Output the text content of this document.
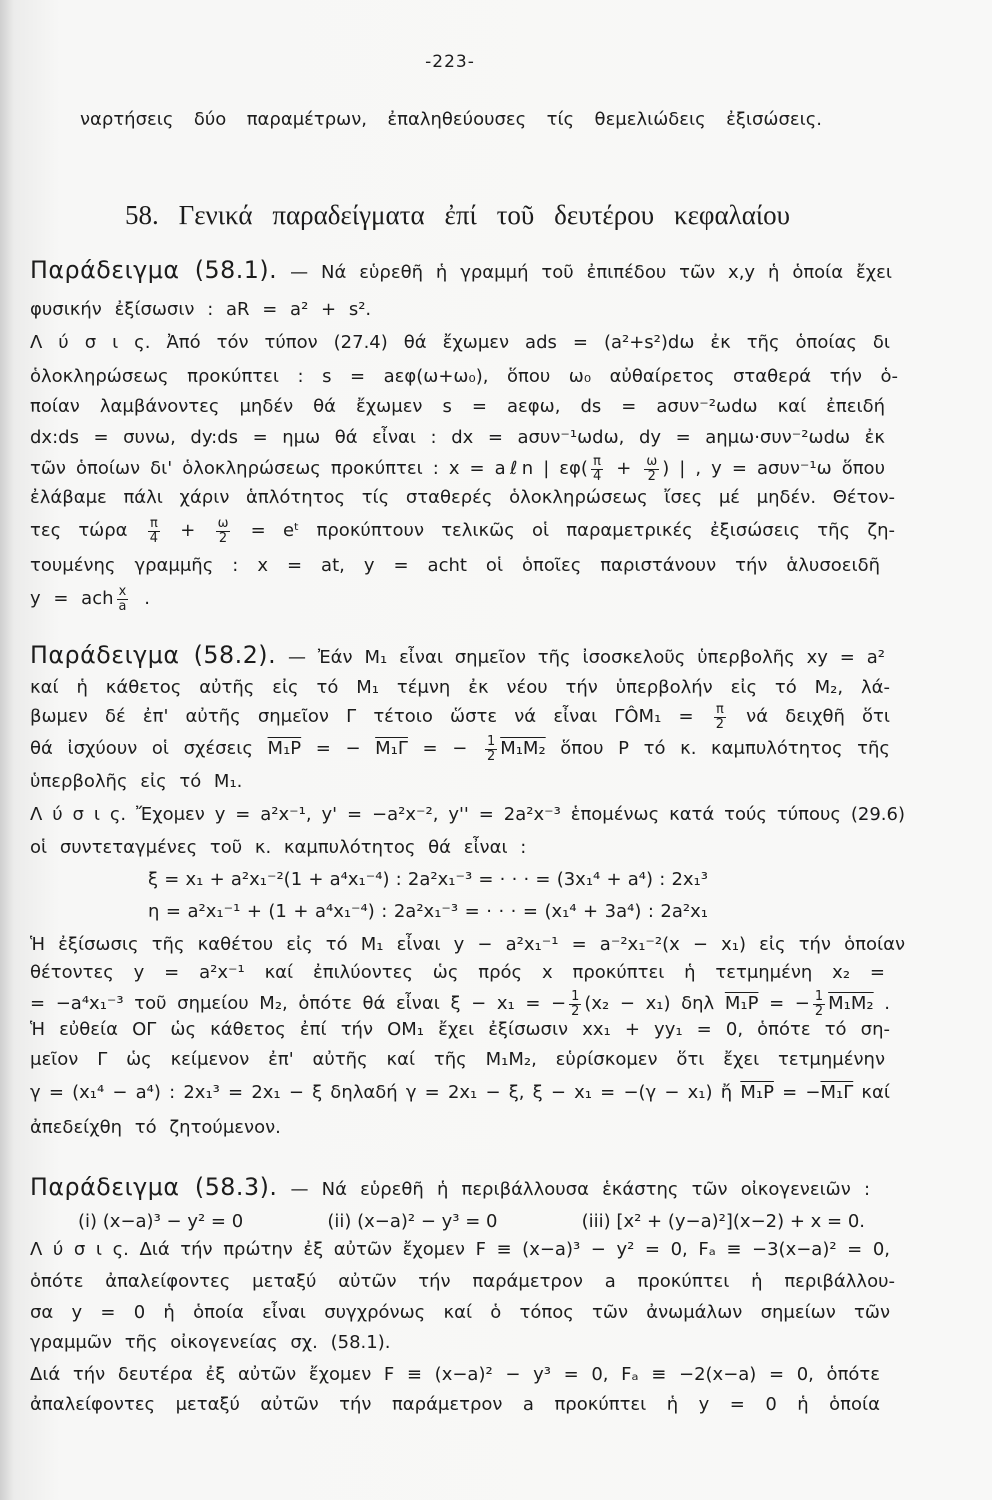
-223-
ναρτήσεις δύο παραμέτρων, ἐπαληθεύουσες τίς θεμελιώδεις ἐξισώσεις.
58. Γενικά παραδείγματα ἐπί τοῦ δευτέρου κεφαλαίου
Παράδειγμα (58.1). — Νά εὑρεθῆ ἡ γραμμή τοῦ ἐπιπέδου τῶν x,y ἡ ὁποία ἔχει
φυσικήν ἐξίσωσιν : aR = a² + s².
Λ ύ σ ι ς. Ἀπό τόν τύπον (27.4) θά ἔχωμεν ads = (a²+s²)dω ἐκ τῆς ὁποίας δι
ὁλοκληρώσεως προκύπτει : s = aεφ(ω+ω₀), ὅπου ω₀ αὐθαίρετος σταθερά τήν ὁ-
ποίαν λαμβάνοντες μηδέν θά ἔχωμεν s = aεφω, ds = aσυν⁻²ωdω καί ἐπειδή
dx:ds = συνω, dy:ds = ημω θά εἶναι : dx = aσυν⁻¹ωdω, dy = aημω·συν⁻²ωdω ἐκ
τῶν ὁποίων δι' ὁλοκληρώσεως προκύπτει : x = aℓn | $\varepsilon\varphi( \frac{\pi}{4} + \frac{\omega}{2}$ ) | , y = aσυν⁻¹ω ὅπου
ἐλάβαμε πάλι χάριν ἁπλότητος τίς σταθερές ὁλοκληρώσεως ἴσες μέ μηδέν. Θέτον-
τες τώρα $\frac{\pi}{4} + \frac{\omega}{2}$ = eᵗ προκύπτουν τελικῶς οἱ παραμετρικές ἐξισώσεις τῆς ζη-
τουμένης γραμμῆς : x = at, y = acht οἱ ὁποῖες παριστάνουν τήν ἁλυσοειδῆ
y = ach $\frac{x}{a}$ .
Παράδειγμα (58.2). — Ἐάν M₁ εἶναι σημεῖον τῆς ἰσοσκελοῦς ὑπερβολῆς xy = a²
καί ἡ κάθετος αὐτῆς εἰς τό M₁ τέμνη ἐκ νέου τήν ὑπερβολήν εἰς τό M₂, λά-
βωμεν δέ ἐπ' αὐτῆς σημεῖον Γ τέτοιο ὥστε νά εἶναι ΓÔM₁ = $\frac{\pi}{2}$ νά δειχθῆ ὅτι
θά ἰσχύουν οἱ σχέσεις M₁P = − M₁Γ = − $\frac{1}{2} M_1M_2$ ὅπου P τό κ. καμπυλότητος τῆς
ὑπερβολῆς εἰς τό M₁.
Λ ύ σ ι ς. Ἔχομεν y = a²x⁻¹, y' = −a²x⁻², y'' = 2a²x⁻³ ἑπομένως κατά τούς τύπους (29.6)
οἱ συντεταγμένες τοῦ κ. καμπυλότητος θά εἶναι :
ξ = x₁ + a²x₁⁻²(1 + a⁴x₁⁻⁴) : 2a²x₁⁻³ = · · · = (3x₁⁴ + a⁴) : 2x₁³
η = a²x₁⁻¹ + (1 + a⁴x₁⁻⁴) : 2a²x₁⁻³ = · · · = (x₁⁴ + 3a⁴) : 2a²x₁
Ἡ ἐξίσωσις τῆς καθέτου εἰς τό M₁ εἶναι y − a²x₁⁻¹ = a⁻²x₁⁻²(x − x₁) εἰς τήν ὁποίαν
θέτοντες y = a²x⁻¹ καί ἐπιλύοντες ὡς πρός x προκύπτει ἡ τετμημένη x₂ =
= −a⁴x₁⁻³ τοῦ σημείου M₂, ὁπότε θά εἶναι ξ − x₁ = − $\frac{1}{2} (x_2 - x_1)$ δηλ M₁P = − $\frac{1}{2} M_1M_2$ .
Ἡ εὐθεία OΓ ὡς κάθετος ἐπί τήν OM₁ ἔχει ἐξίσωσιν xx₁ + yy₁ = 0, ὁπότε τό ση-
μεῖον Γ ὡς κείμενον ἐπ' αὐτῆς καί τῆς M₁M₂, εὑρίσκομεν ὅτι ἔχει τετμημένην
γ = (x₁⁴ − a⁴) : 2x₁³ = 2x₁ − ξ δηλαδή γ = 2x₁ − ξ, ξ − x₁ = −(γ − x₁) ἤ M₁P = −M₁Γ καί
ἀπεδείχθη τό ζητούμενον.
Παράδειγμα (58.3). — Νά εὑρεθῆ ἡ περιβάλλουσα ἑκάστης τῶν οἰκογενειῶν :
(i) (x−a)³ − y² = 0	(ii) (x−a)² − y³ = 0	(iii) [x² + (y−a)²](x−2) + x = 0.
Λ ύ σ ι ς. Διά τήν πρώτην ἐξ αὐτῶν ἔχομεν F ≡ (x−a)³ − y² = 0, Fₐ ≡ −3(x−a)² = 0,
ὁπότε ἀπαλείφοντες μεταξύ αὐτῶν τήν παράμετρον a προκύπτει ἡ περιβάλλου-
σα y = 0 ἡ ὁποία εἶναι συγχρόνως καί ὁ τόπος τῶν ἀνωμάλων σημείων τῶν
γραμμῶν τῆς οἰκογενείας σχ. (58.1).
Διά τήν δευτέρα ἐξ αὐτῶν ἔχομεν F ≡ (x−a)² − y³ = 0, Fₐ ≡ −2(x−a) = 0, ὁπότε
ἀπαλείφοντες μεταξύ αὐτῶν τήν παράμετρον a προκύπτει ἡ y = 0 ἡ ὁποία
